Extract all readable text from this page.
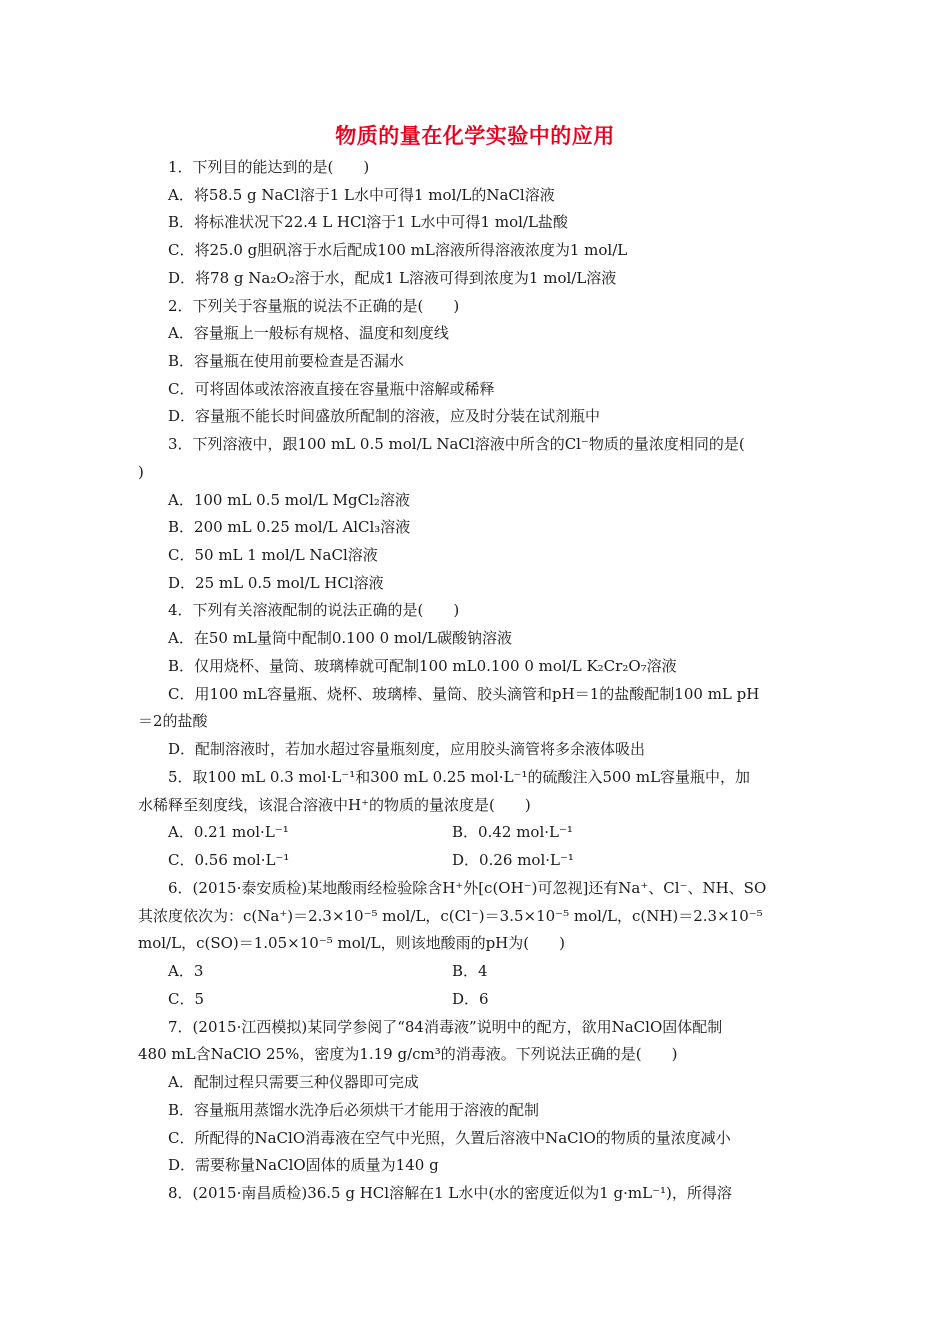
物质的量在化学实验中的应用
1．下列目的能达到的是(　　)
A．将58.5 g NaCl溶于1 L水中可得1 mol/L的NaCl溶液
B．将标准状况下22.4 L HCl溶于1 L水中可得1 mol/L盐酸
C．将25.0 g胆矾溶于水后配成100 mL溶液所得溶液浓度为1 mol/L
D．将78 g Na₂O₂溶于水，配成1 L溶液可得到浓度为1 mol/L溶液
2．下列关于容量瓶的说法不正确的是(　　)
A．容量瓶上一般标有规格、温度和刻度线
B．容量瓶在使用前要检查是否漏水
C．可将固体或浓溶液直接在容量瓶中溶解或稀释
D．容量瓶不能长时间盛放所配制的溶液，应及时分装在试剂瓶中
3．下列溶液中，跟100 mL 0.5 mol/L NaCl溶液中所含的Cl⁻物质的量浓度相同的是(
)
A．100 mL 0.5 mol/L MgCl₂溶液
B．200 mL 0.25 mol/L AlCl₃溶液
C．50 mL 1 mol/L NaCl溶液
D．25 mL 0.5 mol/L HCl溶液
4．下列有关溶液配制的说法正确的是(　　)
A．在50 mL量筒中配制0.100 0 mol/L碳酸钠溶液
B．仅用烧杯、量筒、玻璃棒就可配制100 mL0.100 0 mol/L K₂Cr₂O₇溶液
C．用100 mL容量瓶、烧杯、玻璃棒、量筒、胶头滴管和pH＝1的盐酸配制100 mL pH
＝2的盐酸
D．配制溶液时，若加水超过容量瓶刻度，应用胶头滴管将多余液体吸出
5．取100 mL 0.3 mol·L⁻¹和300 mL 0.25 mol·L⁻¹的硫酸注入500 mL容量瓶中，加
水稀释至刻度线，该混合溶液中H⁺的物质的量浓度是(　　)
A．0.21 mol·L⁻¹	B．0.42 mol·L⁻¹
C．0.56 mol·L⁻¹	D．0.26 mol·L⁻¹
6．(2015·泰安质检)某地酸雨经检验除含H⁺外[c(OH⁻)可忽视]还有Na⁺、Cl⁻、NH、SO
其浓度依次为：c(Na⁺)＝2.3×10⁻⁵ mol/L，c(Cl⁻)＝3.5×10⁻⁵ mol/L，c(NH)＝2.3×10⁻⁵
mol/L，c(SO)＝1.05×10⁻⁵ mol/L，则该地酸雨的pH为(　　)
A．3	B．4
C．5	D．6
7．(2015·江西模拟)某同学参阅了“84消毒液”说明中的配方，欲用NaClO固体配制
480 mL含NaClO 25%，密度为1.19 g/cm³的消毒液。下列说法正确的是(　　)
A．配制过程只需要三种仪器即可完成
B．容量瓶用蒸馏水洗净后必须烘干才能用于溶液的配制
C．所配得的NaClO消毒液在空气中光照，久置后溶液中NaClO的物质的量浓度减小
D．需要称量NaClO固体的质量为140 g
8．(2015·南昌质检)36.5 g HCl溶解在1 L水中(水的密度近似为1 g·mL⁻¹)，所得溶
